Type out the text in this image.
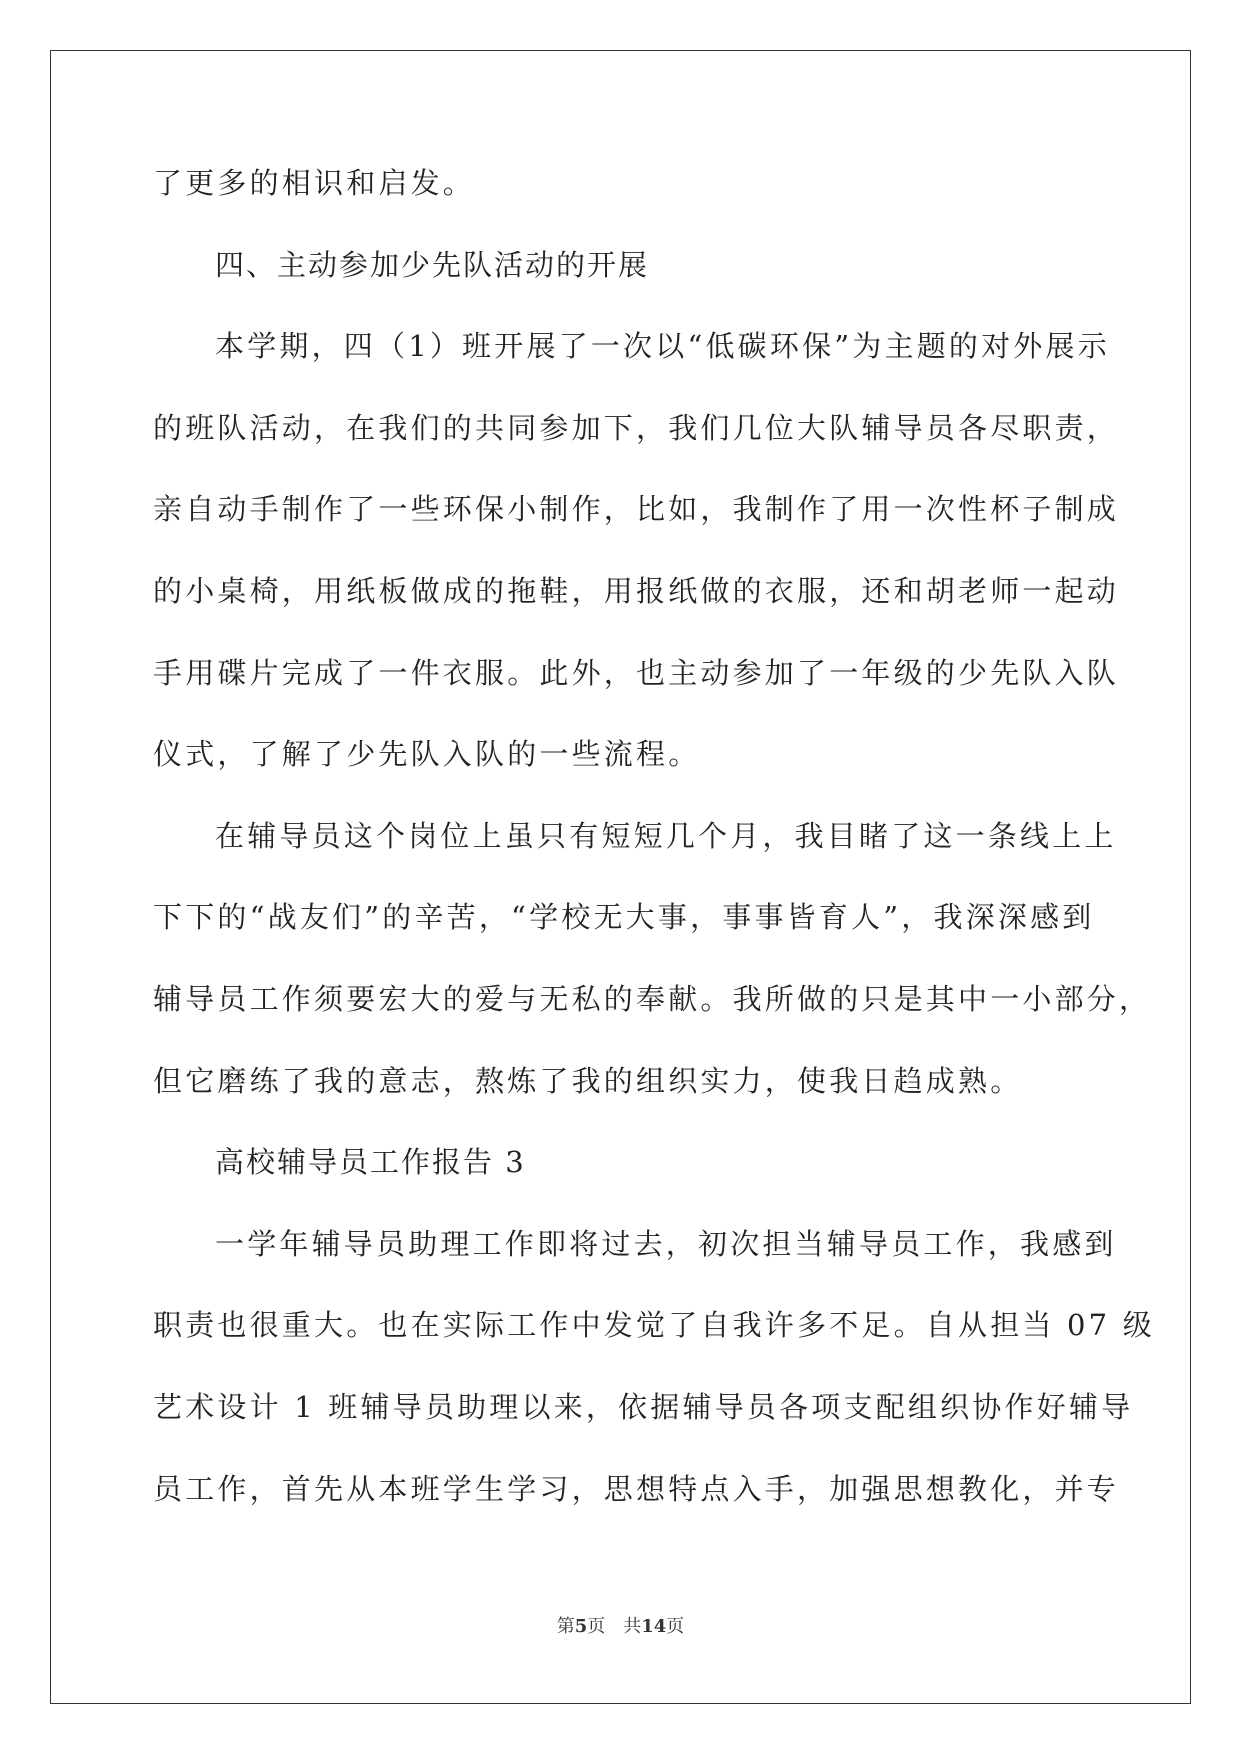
了更多的相识和启发。
四、主动参加少先队活动的开展
本学期，四（1）班开展了一次以“低碳环保”为主题的对外展示
的班队活动，在我们的共同参加下，我们几位大队辅导员各尽职责，
亲自动手制作了一些环保小制作，比如，我制作了用一次性杯子制成
的小桌椅，用纸板做成的拖鞋，用报纸做的衣服，还和胡老师一起动
手用碟片完成了一件衣服。此外，也主动参加了一年级的少先队入队
仪式，了解了少先队入队的一些流程。
在辅导员这个岗位上虽只有短短几个月，我目睹了这一条线上上
下下的“战友们”的辛苦，“学校无大事，事事皆育人”，我深深感到
辅导员工作须要宏大的爱与无私的奉献。我所做的只是其中一小部分，
但它磨练了我的意志，熬炼了我的组织实力，使我日趋成熟。
高校辅导员工作报告 3
一学年辅导员助理工作即将过去，初次担当辅导员工作，我感到
职责也很重大。也在实际工作中发觉了自我许多不足。自从担当 07 级
艺术设计 1 班辅导员助理以来，依据辅导员各项支配组织协作好辅导
员工作，首先从本班学生学习，思想特点入手，加强思想教化，并专
第5页　共14页
